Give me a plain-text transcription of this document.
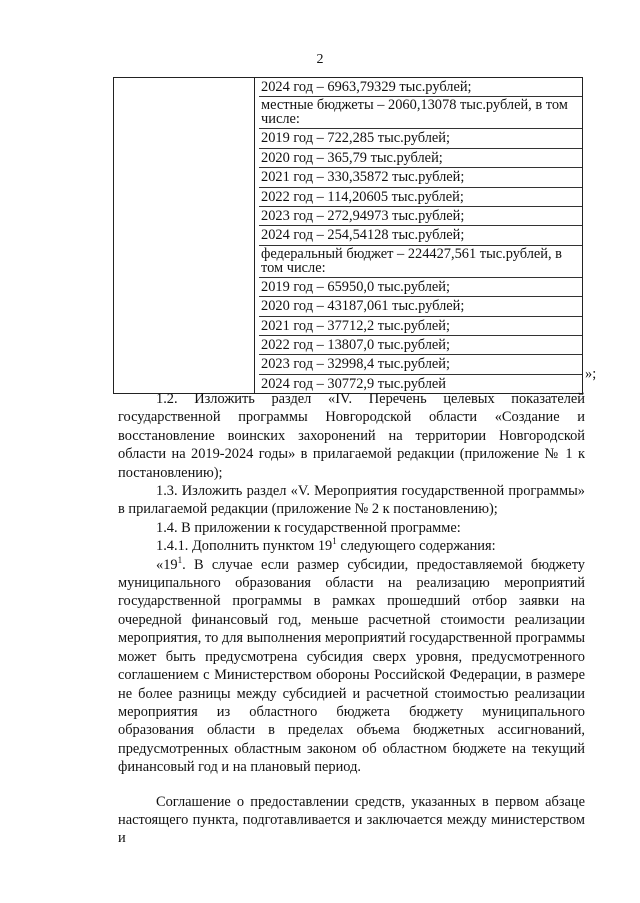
2

2024 год – 6963,79329 тыс.рублей;
местные бюджеты – 2060,13078 тыс.рублей, в том числе:
2019 год – 722,285 тыс.рублей;
2020 год – 365,79 тыс.рублей;
2021 год – 330,35872 тыс.рублей;
2022 год – 114,20605 тыс.рублей;
2023 год – 272,94973 тыс.рублей;
2024 год – 254,54128 тыс.рублей;
федеральный бюджет – 224427,561 тыс.рублей, в том числе:
2019 год – 65950,0 тыс.рублей;
2020 год – 43187,061 тыс.рублей;
2021 год – 37712,2 тыс.рублей;
2022 год – 13807,0 тыс.рублей;
2023 год – 32998,4 тыс.рублей;
2024 год – 30772,9 тыс.рублей
»;

1.2. Изложить раздел «IV. Перечень целевых показателей государственной программы Новгородской области «Создание и восстановление воинских захоронений на территории Новгородской области на 2019-2024 годы» в прилагаемой редакции (приложение № 1 к постановлению);

1.3. Изложить раздел «V. Мероприятия государственной программы» в прилагаемой редакции (приложение № 2 к постановлению);

1.4. В приложении к государственной программе:

1.4.1. Дополнить пунктом $19^1$ следующего содержания:

«$19^1$. В случае если размер субсидии, предоставляемой бюджету муниципального образования области на реализацию мероприятий государственной программы в рамках прошедший отбор заявки на очередной финансовый год, меньше расчетной стоимости реализации мероприятия, то для выполнения мероприятий государственной программы может быть предусмотрена субсидия сверх уровня, предусмотренного соглашением с Министерством обороны Российской Федерации, в размере не более разницы между субсидией и расчетной стоимостью реализации мероприятия из областного бюджета бюджету муниципального образования области в пределах объема бюджетных ассигнований, предусмотренных областным законом об областном бюджете на текущий финансовый год и на плановый период.

Соглашение о предоставлении средств, указанных в первом абзаце настоящего пункта, подготавливается и заключается между министерством и
